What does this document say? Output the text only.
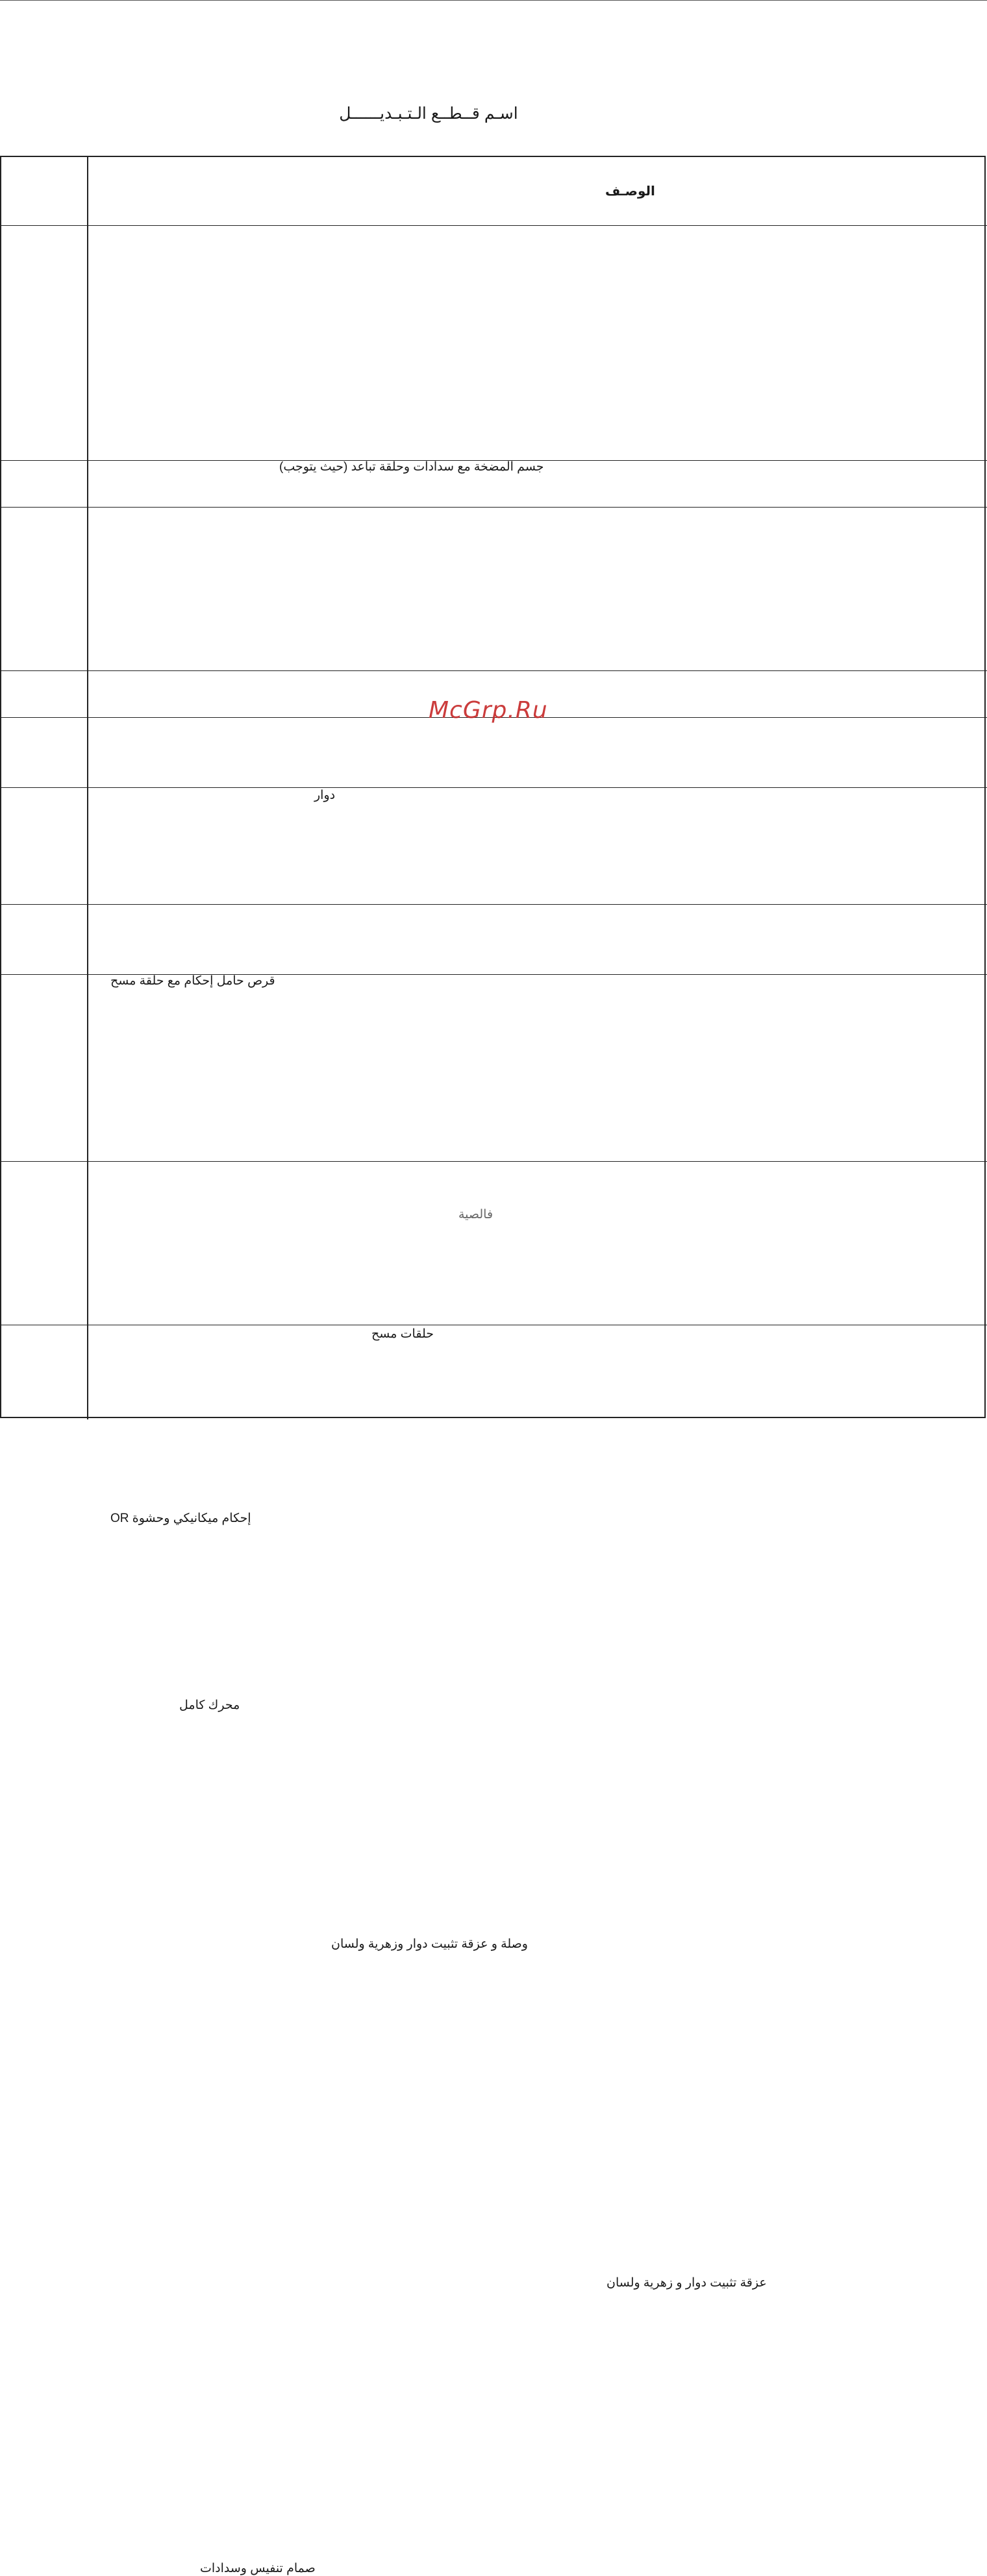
اسـم قــطــع الـتـبـديــــــل
الوصـف
جسم المضخة مع سدادات وحلقة تباعد (حيث يتوجب)
دوار
قرص حامل إحكام مع حلقة مسح
فالصية
حلقات مسح
إحكام ميكانيكي وحشوة OR
محرك كامل
وصلة و عزقة تثبيت دوار وزهرية ولسان
عزقة تثبيت دوار و زهرية ولسان
صمام تنفيس وسدادات
McGrp.Ru
